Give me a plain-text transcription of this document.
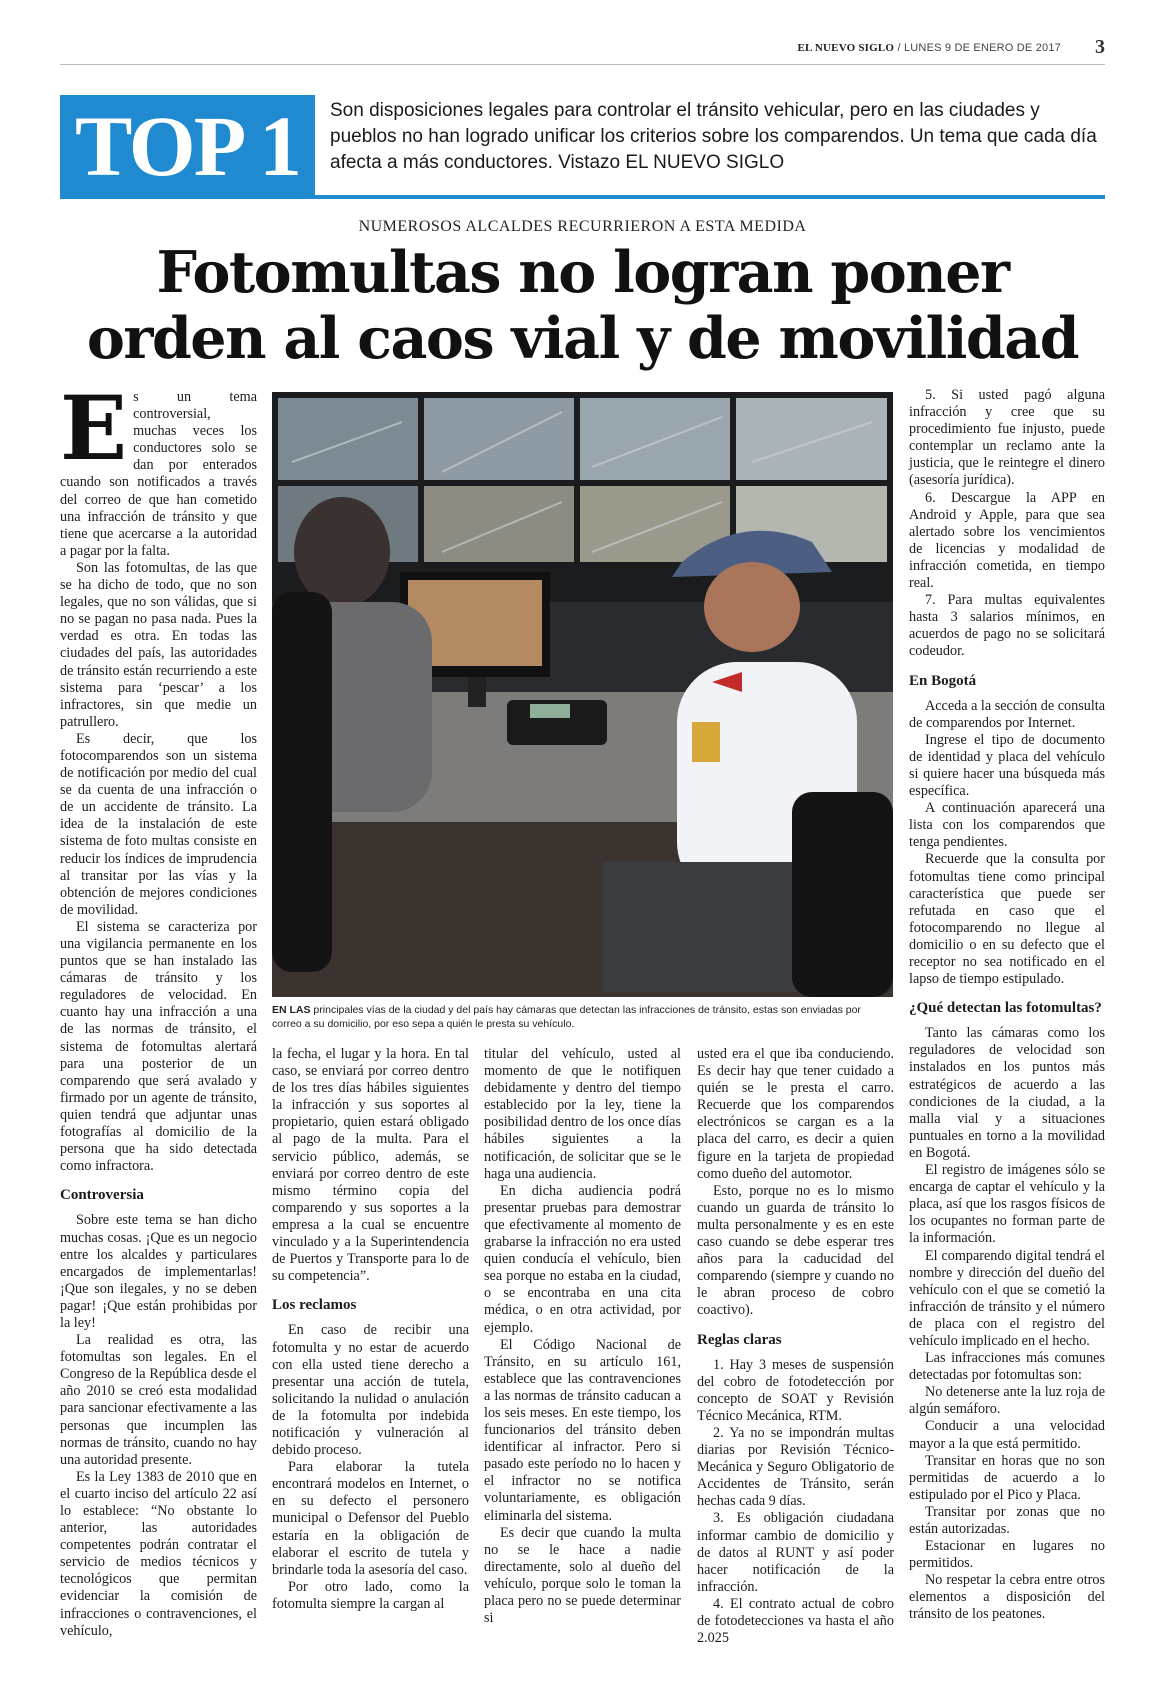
EL NUEVO SIGLO / LUNES 9 DE ENERO DE 2017 3
TOP 1	Son disposiciones legales para controlar el tránsito vehicular, pero en las ciudades y pueblos no han logrado unificar los criterios sobre los comparendos. Un tema que cada día afecta a más conductores. Vistazo EL NUEVO SIGLO
NUMEROSOS ALCALDES RECURRIERON A ESTA MEDIDA
Fotomultas no logran poner
orden al caos vial y de movilidad
E s un tema controversial, muchas veces los conductores solo se dan por enterados cuando son notificados a través del correo de que han cometido una infracción de tránsito y que tiene que acercarse a la autoridad a pagar por la falta.

Son las fotomultas, de las que se ha dicho de todo, que no son legales, que no son válidas, que si no se pagan no pasa nada. Pues la verdad es otra. En todas las ciudades del país, las autoridades de tránsito están recurriendo a este sistema para ‘pescar’ a los infractores, sin que medie un patrullero.

Es decir, que los fotocomparendos son un sistema de notificación por medio del cual se da cuenta de una infracción o de un accidente de tránsito. La idea de la instalación de este sistema de foto multas consiste en reducir los índices de imprudencia al transitar por las vías y la obtención de mejores condiciones de movilidad.

El sistema se caracteriza por una vigilancia permanente en los puntos que se han instalado las cámaras de tránsito y los reguladores de velocidad. En cuanto hay una infracción a una de las normas de tránsito, el sistema de fotomultas alertará para una posterior de un comparendo que será avalado y firmado por un agente de tránsito, quien tendrá que adjuntar unas fotografías al domicilio de la persona que ha sido detectada como infractora.

Controversia

Sobre este tema se han dicho muchas cosas. ¡Que es un negocio entre los alcaldes y particulares encargados de implementarlas! ¡Que son ilegales, y no se deben pagar! ¡Que están prohibidas por la ley!

La realidad es otra, las fotomultas son legales. En el Congreso de la República desde el año 2010 se creó esta modalidad para sancionar efectivamente a las personas que incumplen las normas de tránsito, cuando no hay una autoridad presente.

Es la Ley 1383 de 2010 que en el cuarto inciso del artículo 22 así lo establece: “No obstante lo anterior, las autoridades competentes podrán contratar el servicio de medios técnicos y tecnológicos que permitan evidenciar la comisión de infracciones o contravenciones, el vehículo,

EN LAS principales vías de la ciudad y del país hay cámaras que detectan las infracciones de tránsito, estas son enviadas por correo a su domicilio, por eso sepa a quién le presta su vehículo.

la fecha, el lugar y la hora. En tal caso, se enviará por correo dentro de los tres días hábiles siguientes la infracción y sus soportes al propietario, quien estará obligado al pago de la multa. Para el servicio público, además, se enviará por correo dentro de este mismo término copia del comparendo y sus soportes a la empresa a la cual se encuentre vinculado y a la Superintendencia de Puertos y Transporte para lo de su competencia”.

Los reclamos

En caso de recibir una fotomulta y no estar de acuerdo con ella usted tiene derecho a presentar una acción de tutela, solicitando la nulidad o anulación de la fotomulta por indebida notificación y vulneración al debido proceso.

Para elaborar la tutela encontrará modelos en Internet, o en su defecto el personero municipal o Defensor del Pueblo estaría en la obligación de elaborar el escrito de tutela y brindarle toda la asesoría del caso.

Por otro lado, como la fotomulta siempre la cargan al

titular del vehículo, usted al momento de que le notifiquen debidamente y dentro del tiempo establecido por la ley, tiene la posibilidad dentro de los once días hábiles siguientes a la notificación, de solicitar que se le haga una audiencia.

En dicha audiencia podrá presentar pruebas para demostrar que efectivamente al momento de grabarse la infracción no era usted quien conducía el vehículo, bien sea porque no estaba en la ciudad, o se encontraba en una cita médica, o en otra actividad, por ejemplo.

El Código Nacional de Tránsito, en su artículo 161, establece que las contravenciones a las normas de tránsito caducan a los seis meses. En este tiempo, los funcionarios del tránsito deben identificar al infractor. Pero si pasado este período no lo hacen y el infractor no se notifica voluntariamente, es obligación eliminarla del sistema.

Es decir que cuando la multa no se le hace a nadie directamente, solo al dueño del vehículo, porque solo le toman la placa pero no se puede determinar si

usted era el que iba conduciendo. Es decir hay que tener cuidado a quién se le presta el carro. Recuerde que los comparendos electrónicos se cargan es a la placa del carro, es decir a quien figure en la tarjeta de propiedad como dueño del automotor.

Esto, porque no es lo mismo cuando un guarda de tránsito lo multa personalmente y es en este caso cuando se debe esperar tres años para la caducidad del comparendo (siempre y cuando no le abran proceso de cobro coactivo).

Reglas claras

1. Hay 3 meses de suspensión del cobro de fotodetección por concepto de SOAT y Revisión Técnico Mecánica, RTM.

2. Ya no se impondrán multas diarias por Revisión Técnico-Mecánica y Seguro Obligatorio de Accidentes de Tránsito, serán hechas cada 9 días.

3. Es obligación ciudadana informar cambio de domicilio y de datos al RUNT y así poder hacer notificación de la infracción.

4. El contrato actual de cobro de fotodetecciones va hasta el año 2.025

5. Si usted pagó alguna infracción y cree que su procedimiento fue injusto, puede contemplar un reclamo ante la justicia, que le reintegre el dinero (asesoría jurídica).

6. Descargue la APP en Android y Apple, para que sea alertado sobre los vencimientos de licencias y modalidad de infracción cometida, en tiempo real.

7. Para multas equivalentes hasta 3 salarios mínimos, en acuerdos de pago no se solicitará codeudor.

En Bogotá

Acceda a la sección de consulta de comparendos por Internet.

Ingrese el tipo de documento de identidad y placa del vehículo si quiere hacer una búsqueda más específica.

A continuación aparecerá una lista con los comparendos que tenga pendientes.

Recuerde que la consulta por fotomultas tiene como principal característica que puede ser refutada en caso que el fotocomparendo no llegue al domicilio o en su defecto que el receptor no sea notificado en el lapso de tiempo estipulado.

¿Qué detectan las fotomultas?

Tanto las cámaras como los reguladores de velocidad son instalados en los puntos más estratégicos de acuerdo a las condiciones de la ciudad, a la malla vial y a situaciones puntuales en torno a la movilidad en Bogotá.

El registro de imágenes sólo se encarga de captar el vehículo y la placa, así que los rasgos físicos de los ocupantes no forman parte de la información.

El comparendo digital tendrá el nombre y dirección del dueño del vehículo con el que se cometió la infracción de tránsito y el número de placa con el registro del vehículo implicado en el hecho.

Las infracciones más comunes detectadas por fotomultas son:

No detenerse ante la luz roja de algún semáforo.

Conducir a una velocidad mayor a la que está permitido.

Transitar en horas que no son permitidas de acuerdo a lo estipulado por el Pico y Placa.

Transitar por zonas que no están autorizadas.

Estacionar en lugares no permitidos.

No respetar la cebra entre otros elementos a disposición del tránsito de los peatones.
